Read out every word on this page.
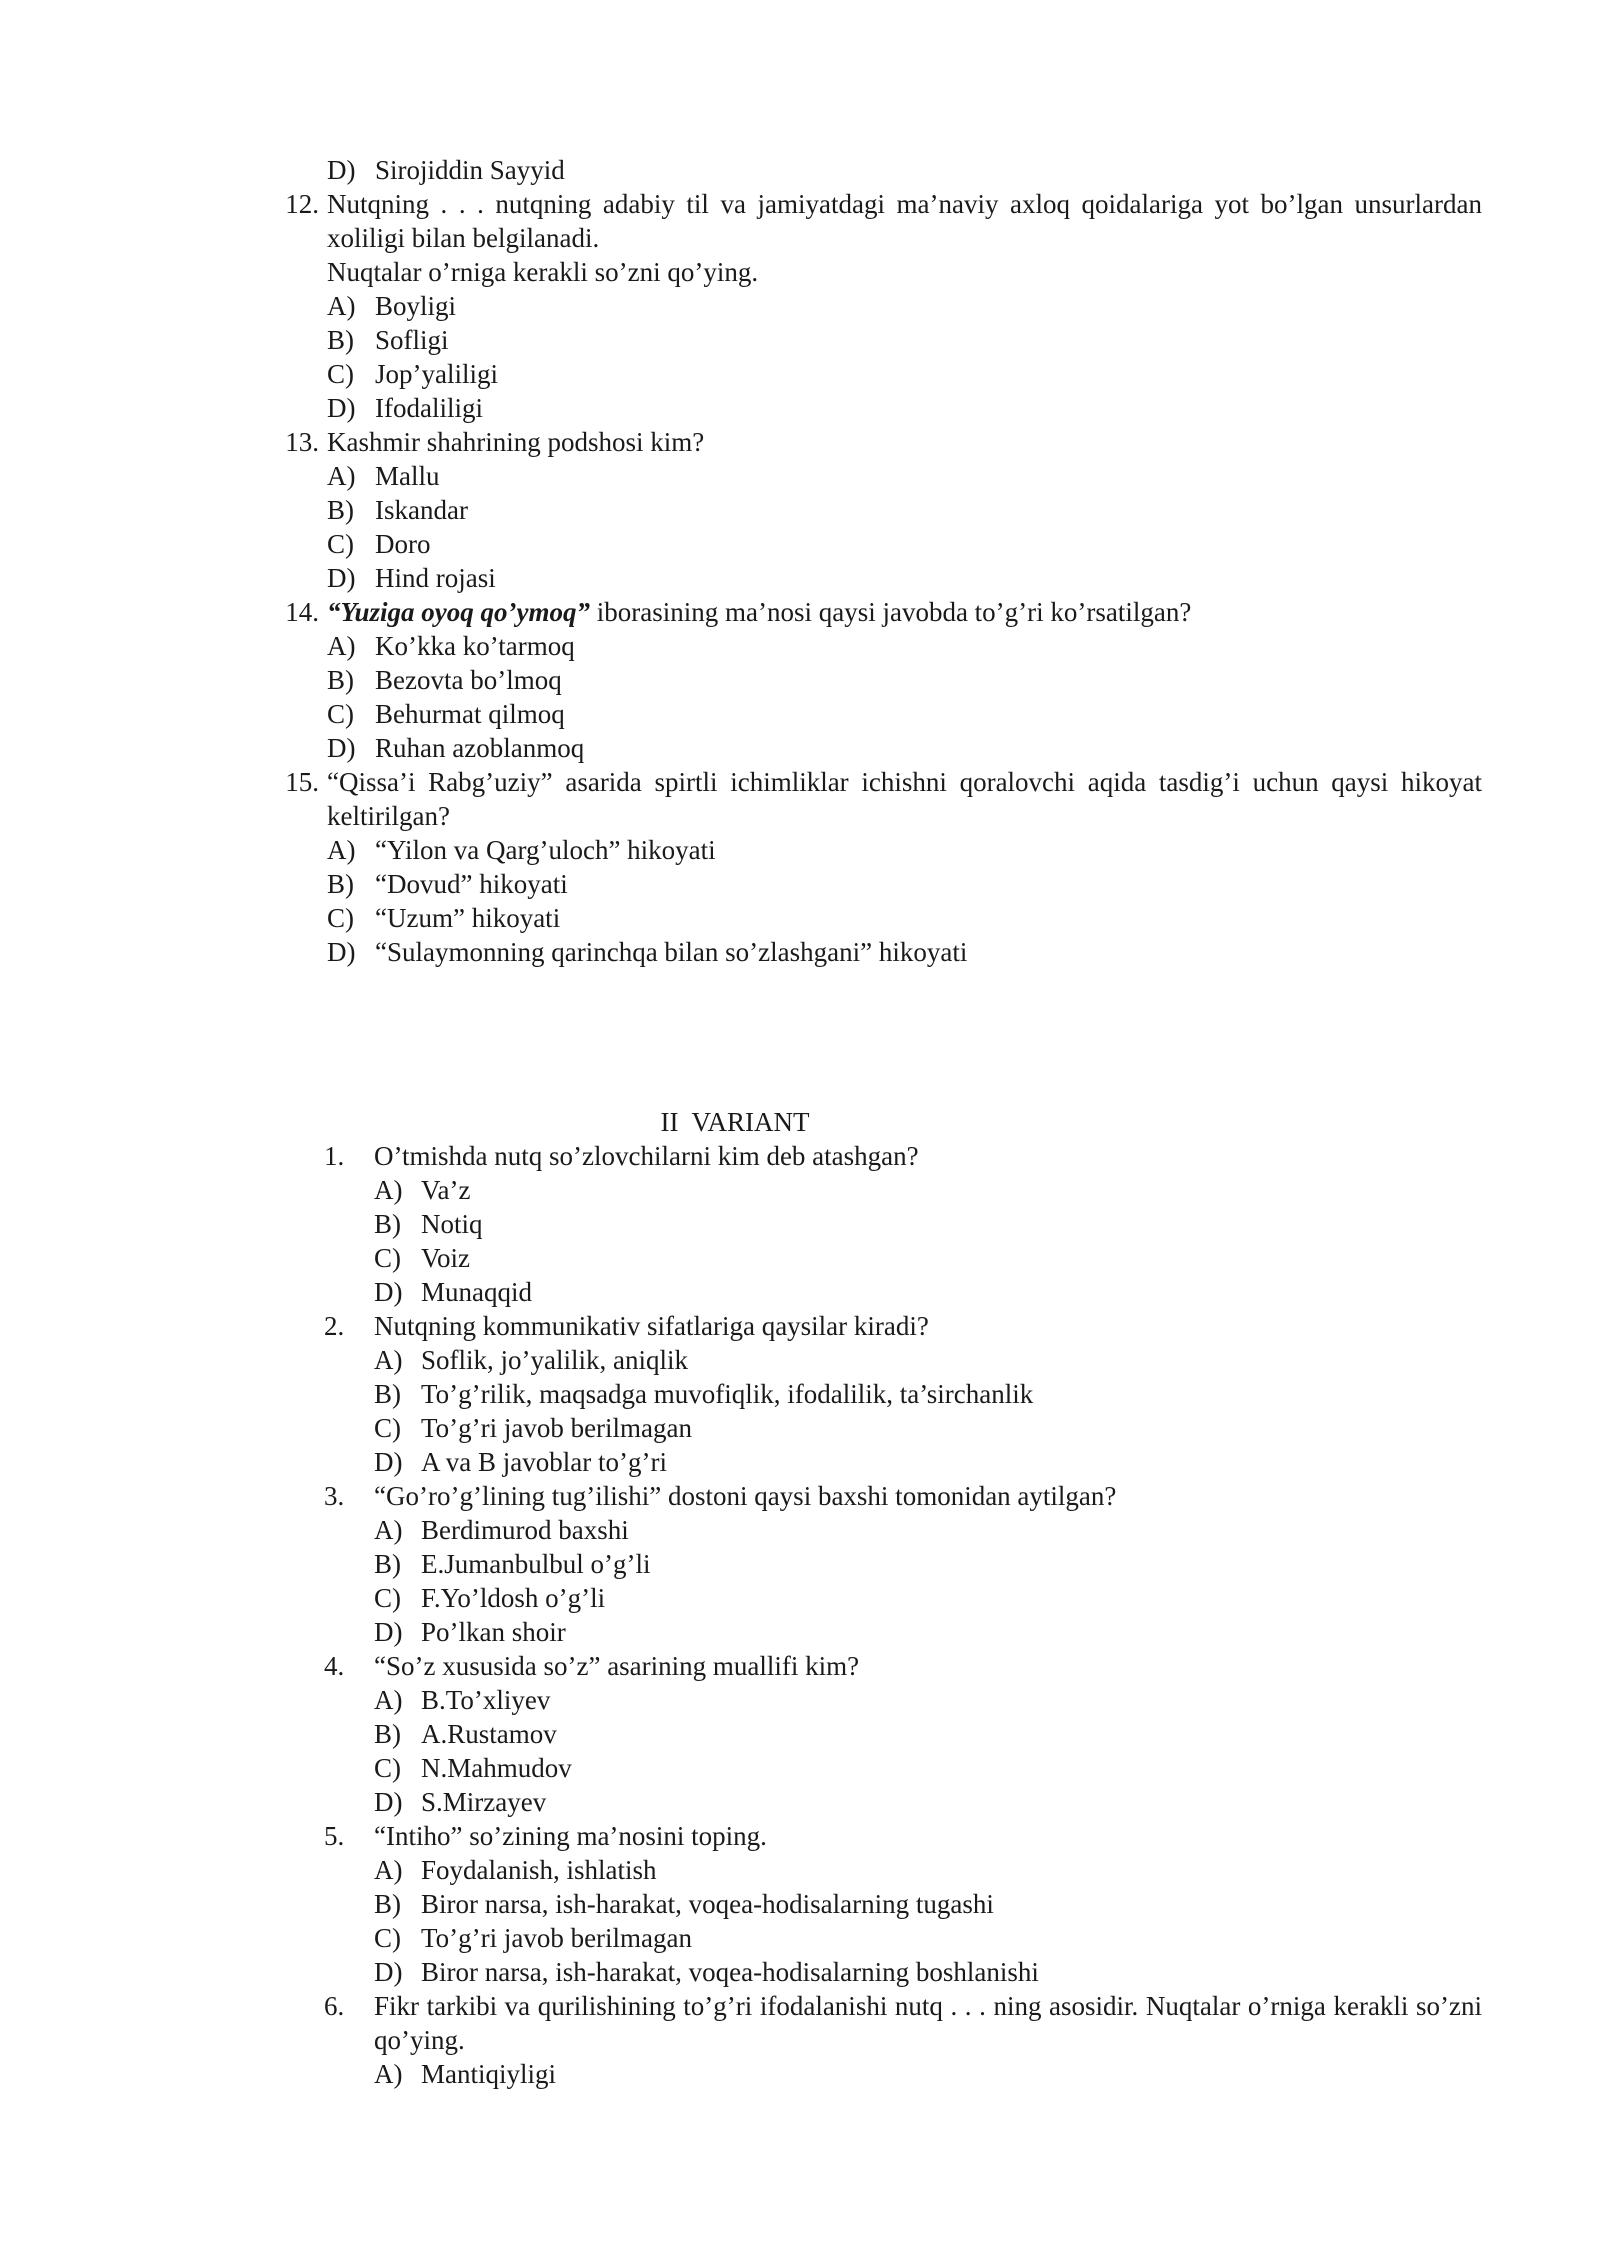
D) Sirojiddin Sayyid
12. Nutqning . . . nutqning adabiy til va jamiyatdagi ma’naviy axloq qoidalariga yot bo’lgan unsurlardan xoliligi bilan belgilanadi.
Nuqtalar o’rniga kerakli so’zni qo’ying.
A) Boyligi
B) Sofligi
C) Jop’yaliligi
D) Ifodaliligi
13. Kashmir shahrining podshosi kim?
A) Mallu
B) Iskandar
C) Doro
D) Hind rojasi
14. “Yuziga oyoq qo’ymoq” iborasining ma’nosi qaysi javobda to’g’ri ko’rsatilgan?
A) Ko’kka ko’tarmoq
B) Bezovta bo’lmoq
C) Behurmat qilmoq
D) Ruhan azoblanmoq
15. “Qissa’i Rabg’uziy” asarida spirtli ichimliklar ichishni qoralovchi aqida tasdig’i uchun qaysi hikoyat keltirilgan?
A) “Yilon va Qarg’uloch” hikoyati
B) “Dovud” hikoyati
C) “Uzum” hikoyati
D) “Sulaymonning qarinchqa bilan so’zlashgani” hikoyati
II  VARIANT
1. O’tmishda nutq so’zlovchilarni kim deb atashgan?
A) Va’z
B) Notiq
C) Voiz
D) Munaqqid
2. Nutqning kommunikativ sifatlariga qaysilar kiradi?
A) Soflik, jo’yalilik, aniqlik
B) To’g’rilik, maqsadga muvofiqlik, ifodalilik, ta’sirchanlik
C) To’g’ri javob berilmagan
D) A va B javoblar to’g’ri
3. “Go’ro’g’lining tug’ilishi” dostoni qaysi baxshi tomonidan aytilgan?
A) Berdimurod baxshi
B) E.Jumanbulbul o’g’li
C) F.Yo’ldosh o’g’li
D) Po’lkan shoir
4. “So’z xususida so’z” asarining muallifi kim?
A) B.To’xliyev
B) A.Rustamov
C) N.Mahmudov
D) S.Mirzayev
5. “Intiho” so’zining ma’nosini toping.
A) Foydalanish, ishlatish
B) Biror narsa, ish-harakat, voqea-hodisalarning tugashi
C) To’g’ri javob berilmagan
D) Biror narsa, ish-harakat, voqea-hodisalarning boshlanishi
6. Fikr tarkibi va qurilishining to’g’ri ifodalanishi nutq . . . ning asosidir. Nuqtalar o’rniga kerakli so’zni qo’ying.
A) Mantiqiyligi
